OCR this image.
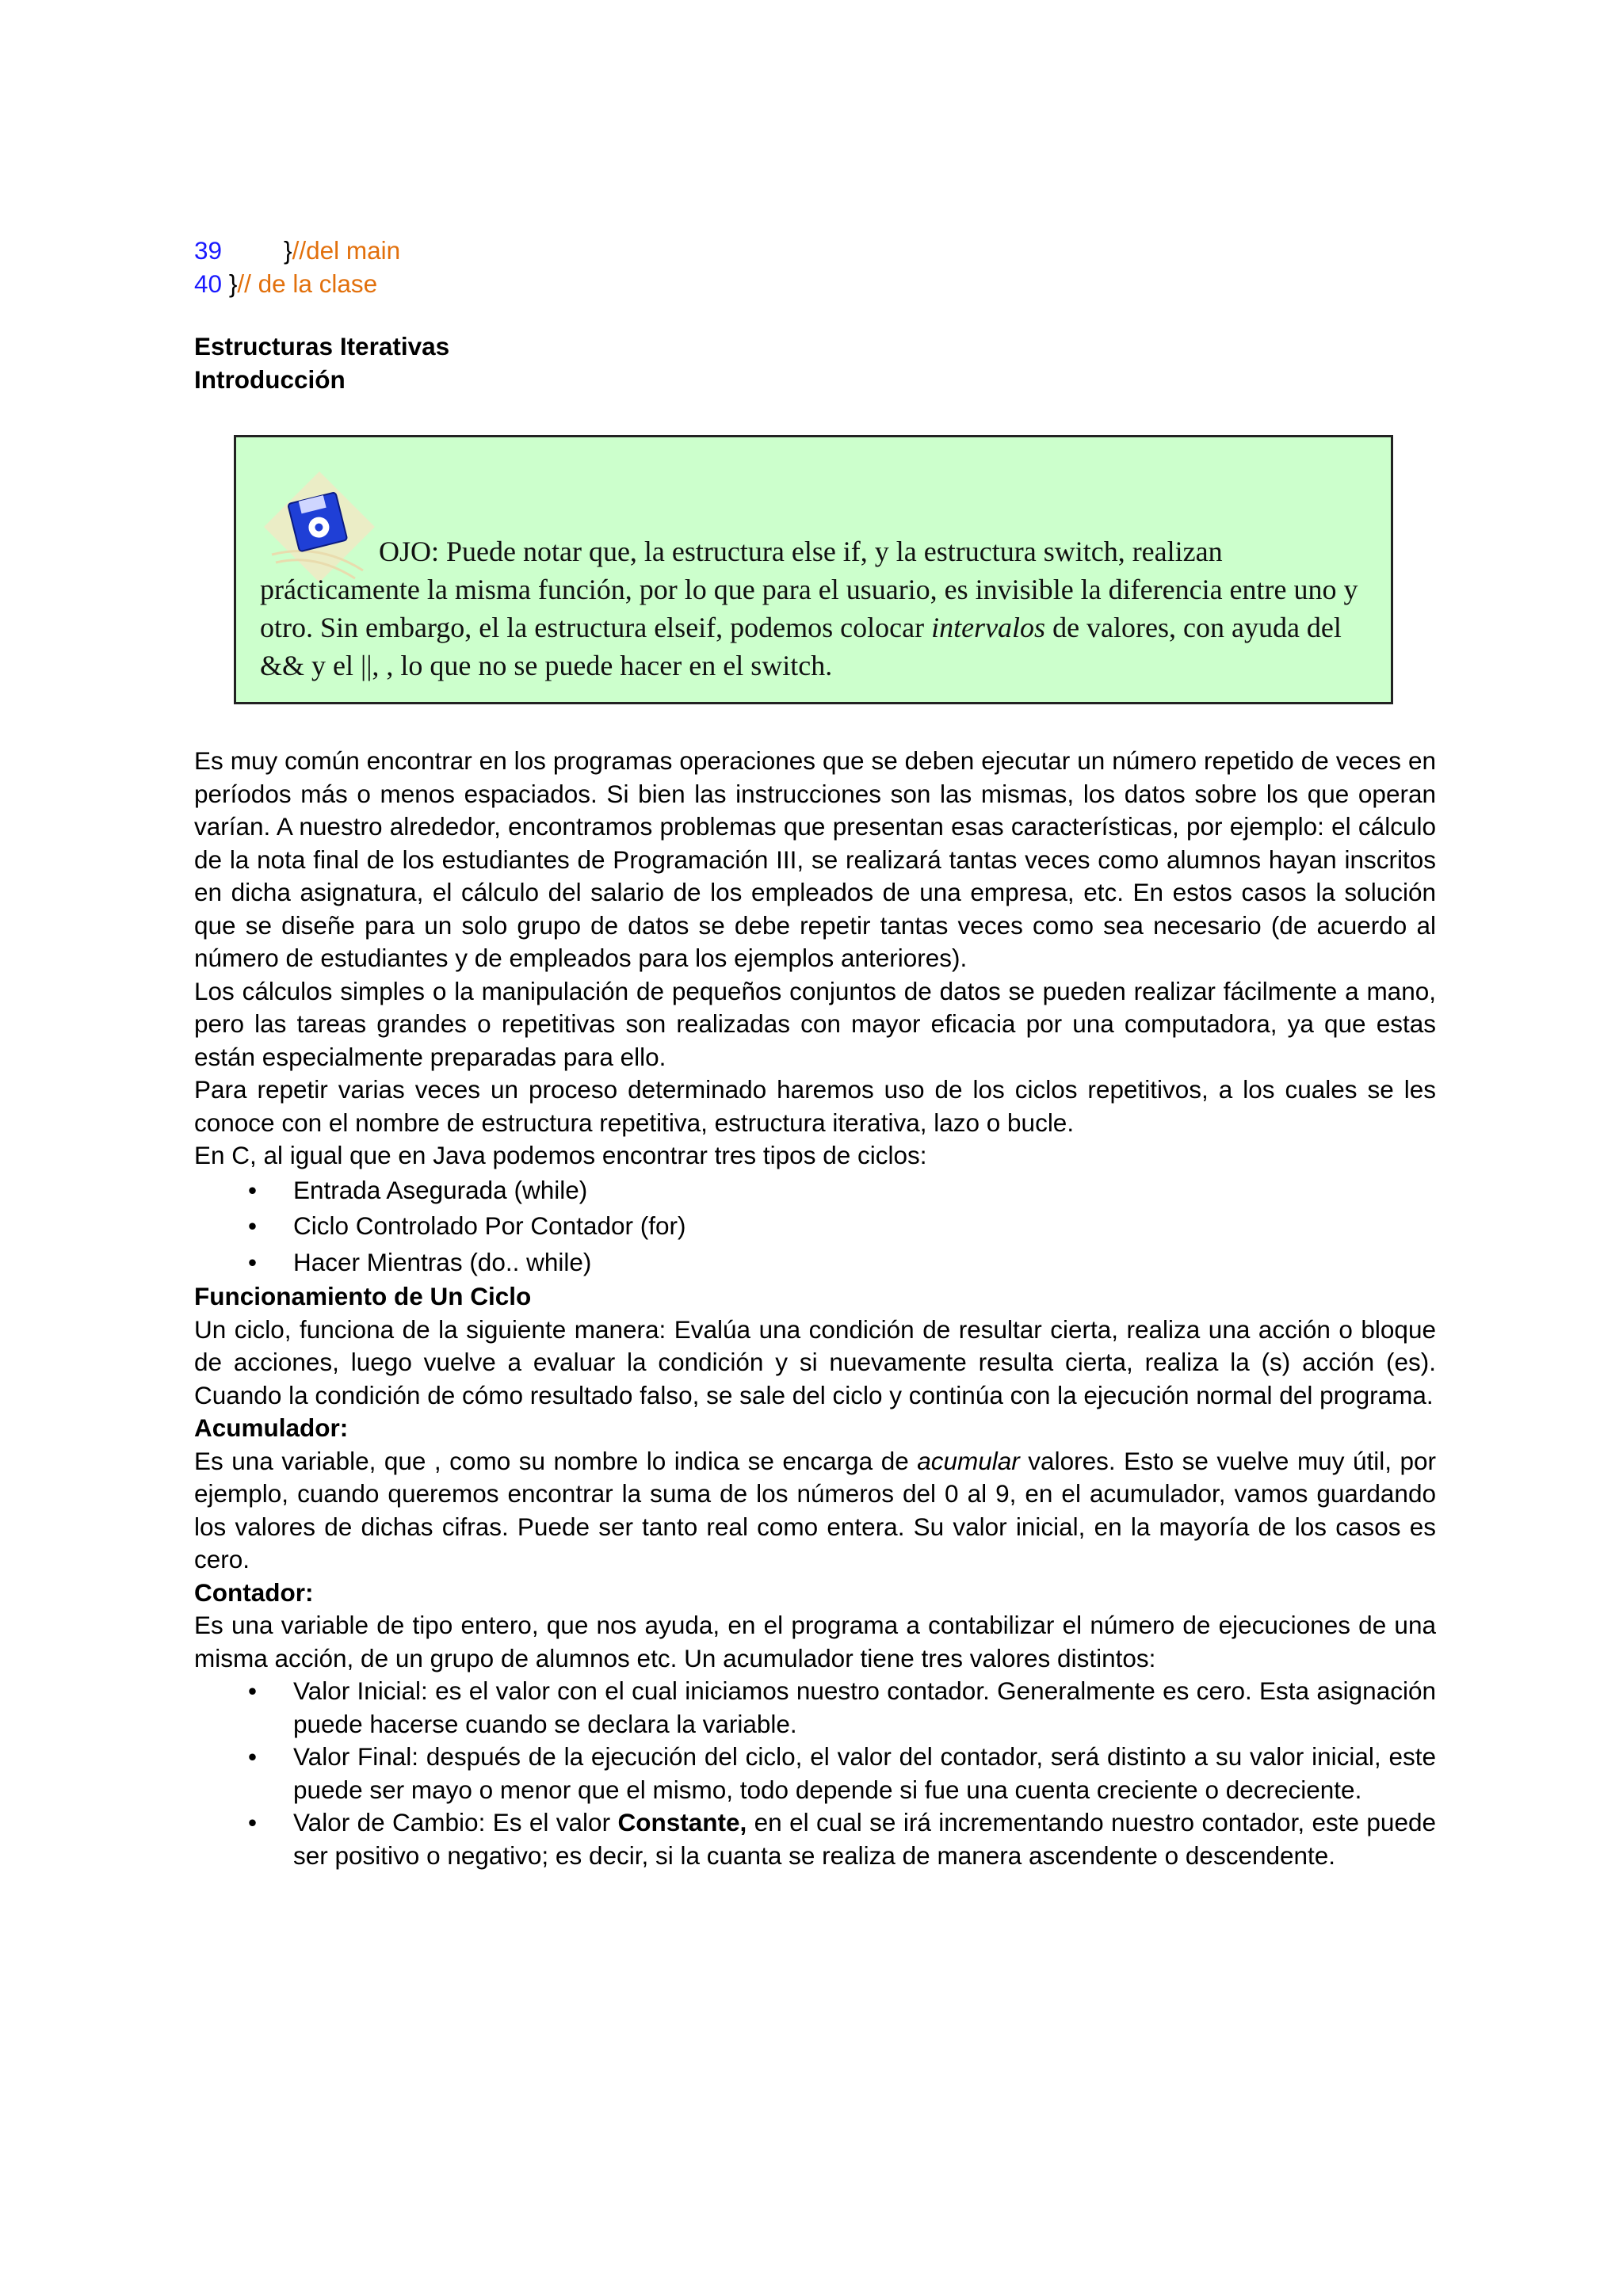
39 }//del main
40 }// de la clase
Estructuras Iterativas
Introducción
OJO: Puede notar que, la estructura else if, y la estructura switch, realizan prácticamente la misma función, por lo que para el usuario, es invisible la diferencia entre uno y otro. Sin embargo, el la estructura elseif, podemos colocar intervalos de valores, con ayuda del && y el ||, , lo que no se puede hacer en el switch.

Es muy común encontrar en los programas operaciones que se deben ejecutar un número repetido de veces en períodos más o menos espaciados. Si bien las instrucciones son las mismas, los datos sobre los que operan varían. A nuestro alrededor, encontramos problemas que presentan esas características, por ejemplo: el cálculo de la nota final de los estudiantes de Programación III, se realizará tantas veces como alumnos hayan inscritos en dicha asignatura, el cálculo del salario de los empleados de una empresa, etc. En estos casos la solución que se diseñe para un solo grupo de datos se debe repetir tantas veces como sea necesario (de acuerdo al número de estudiantes y de empleados para los ejemplos anteriores).

Los cálculos simples o la manipulación de pequeños conjuntos de datos se pueden realizar fácilmente a mano, pero las tareas grandes o repetitivas son realizadas con mayor eficacia por una computadora, ya que estas están especialmente preparadas para ello.

Para repetir varias veces un proceso determinado haremos uso de los ciclos repetitivos, a los cuales se les conoce con el nombre de estructura repetitiva, estructura iterativa, lazo o bucle.

En C, al igual que en Java podemos encontrar tres tipos de ciclos:

• Entrada Asegurada (while)
• Ciclo Controlado Por Contador (for)
• Hacer Mientras (do.. while)

Funcionamiento de Un Ciclo

Un ciclo, funciona de la siguiente manera: Evalúa una condición de resultar cierta, realiza una acción o bloque de acciones, luego vuelve a evaluar la condición y si nuevamente resulta cierta, realiza la (s) acción (es). Cuando la condición de cómo resultado falso, se sale del ciclo y continúa con la ejecución normal del programa.

Acumulador:

Es una variable, que , como su nombre lo indica se encarga de acumular valores. Esto se vuelve muy útil, por ejemplo, cuando queremos encontrar la suma de los números del 0 al 9, en el acumulador, vamos guardando los valores de dichas cifras. Puede ser tanto real como entera. Su valor inicial, en la mayoría de los casos es cero.

Contador:

Es una variable de tipo entero, que nos ayuda, en el programa a contabilizar el número de ejecuciones de una misma acción, de un grupo de alumnos etc. Un acumulador tiene tres valores distintos:

• Valor Inicial: es el valor con el cual iniciamos nuestro contador. Generalmente es cero. Esta asignación puede hacerse cuando se declara la variable.
• Valor Final: después de la ejecución del ciclo, el valor del contador, será distinto a su valor inicial, este puede ser mayo o menor que el mismo, todo depende si fue una cuenta creciente o decreciente.
• Valor de Cambio: Es el valor Constante, en el cual se irá incrementando nuestro contador, este puede ser positivo o negativo; es decir, si la cuanta se realiza de manera ascendente o descendente.
